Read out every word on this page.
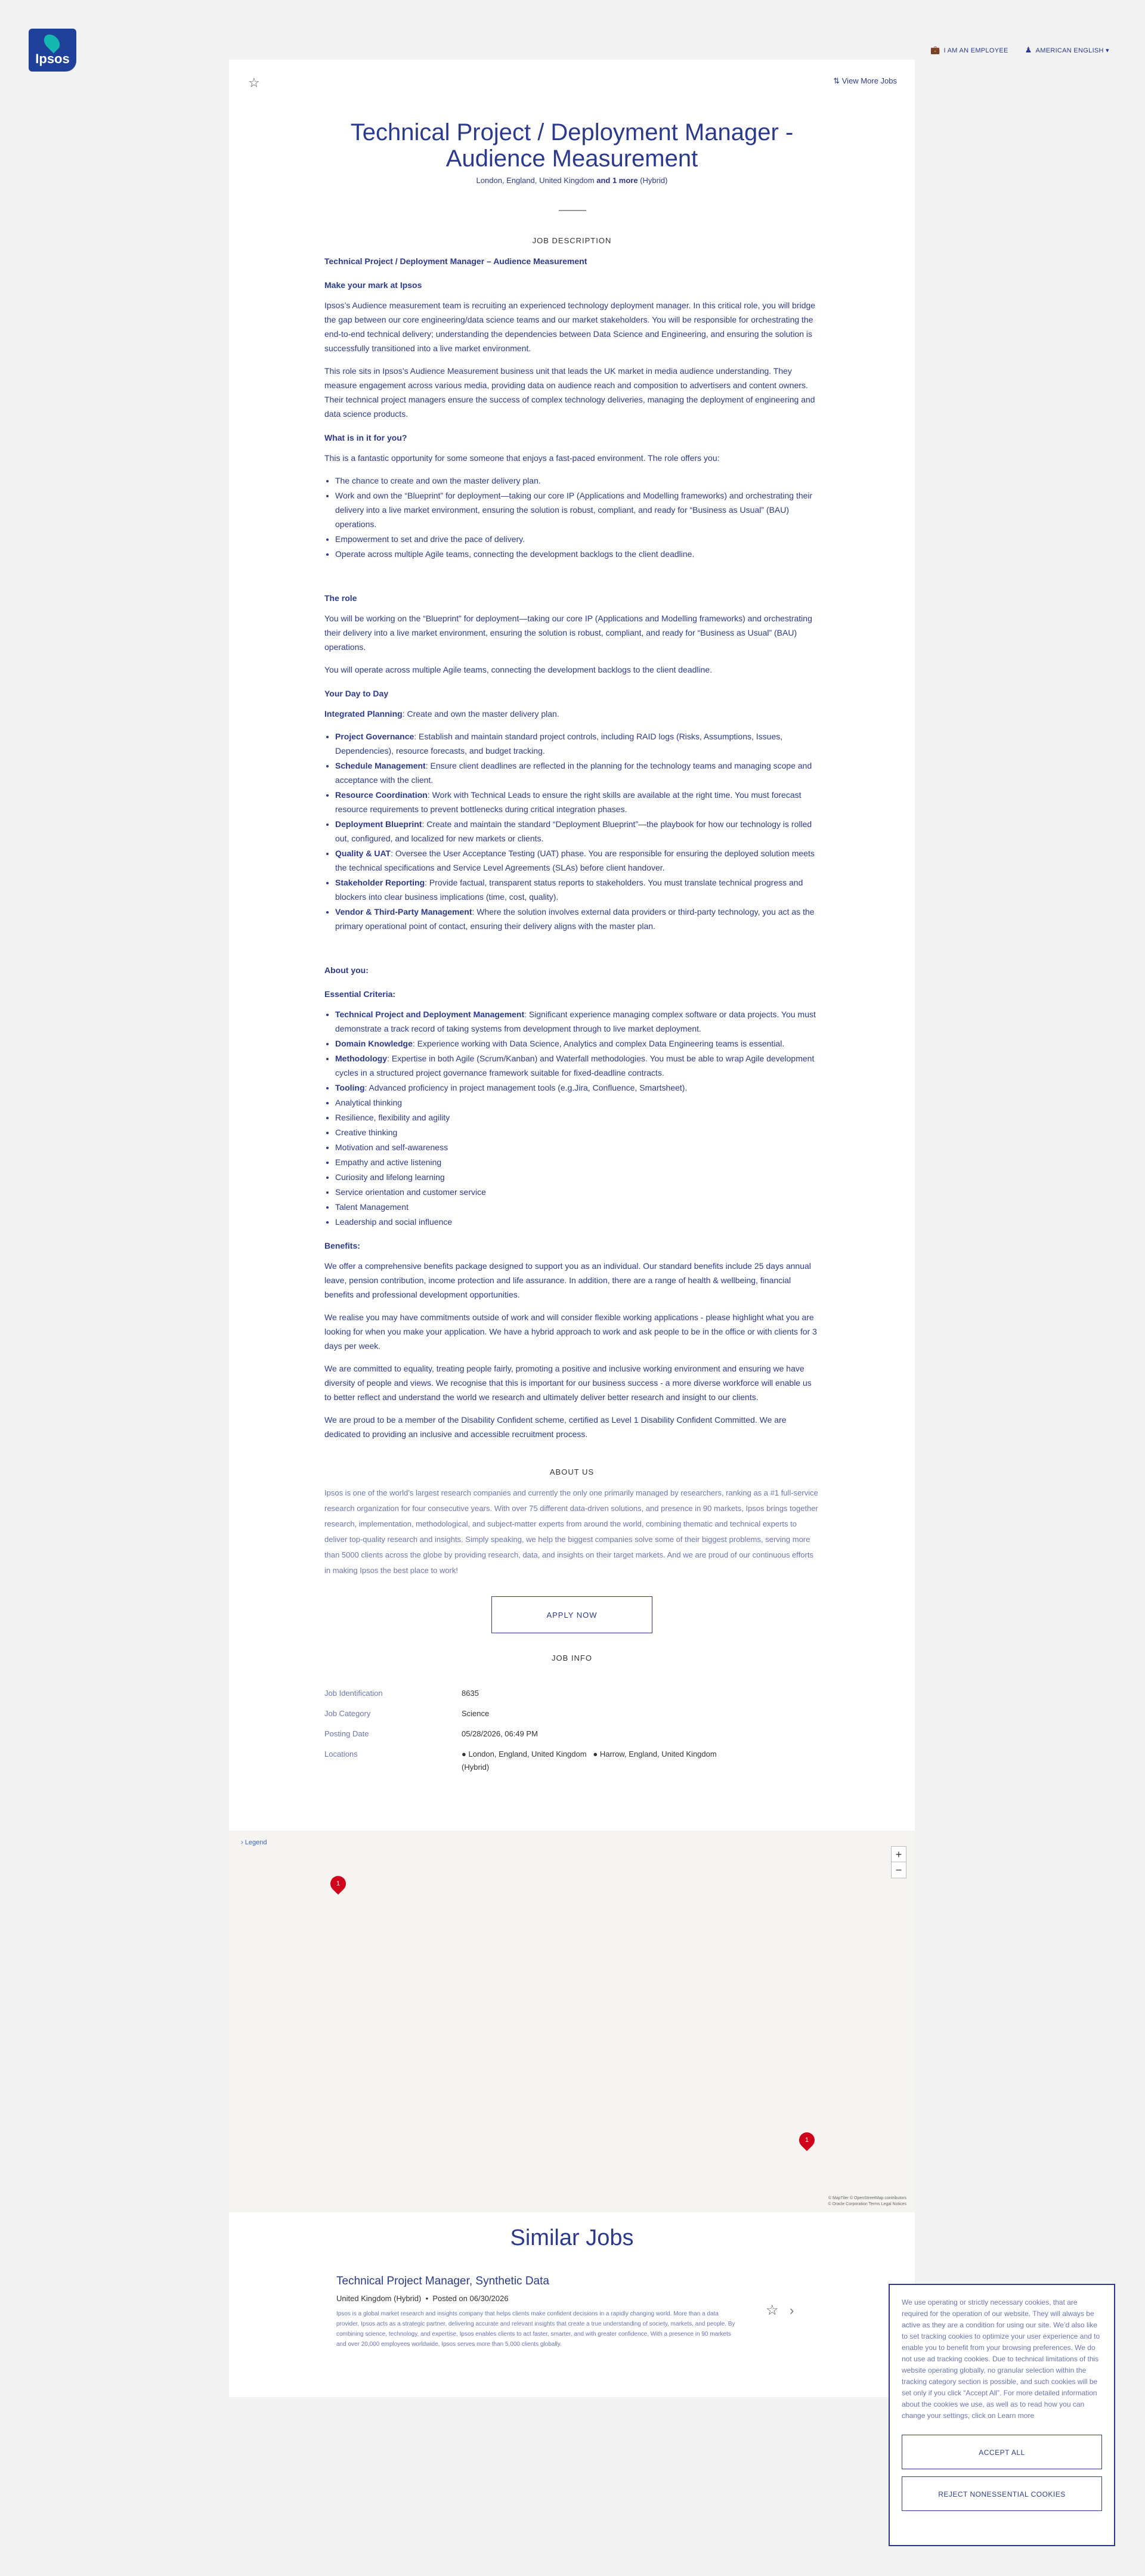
Ipsos
💼 I AM AN EMPLOYEE ♟ AMERICAN ENGLISH ▾
☆	⇅ View More Jobs
Technical Project / Deployment Manager - Audience Measurement
London, England, United Kingdom and 1 more (Hybrid)
JOB DESCRIPTION
Technical Project / Deployment Manager – Audience Measurement
Make your mark at Ipsos

Ipsos’s Audience measurement team is recruiting an experienced technology deployment manager. In this critical role, you will bridge the gap between our core engineering/data science teams and our market stakeholders. You will be responsible for orchestrating the end-to-end technical delivery; understanding the dependencies between Data Science and Engineering, and ensuring the solution is successfully transitioned into a live market environment.

This role sits in Ipsos’s Audience Measurement business unit that leads the UK market in media audience understanding. They measure engagement across various media, providing data on audience reach and composition to advertisers and content owners. Their technical project managers ensure the success of complex technology deliveries, managing the deployment of engineering and data science products.

What is in it for you?

This is a fantastic opportunity for some someone that enjoys a fast-paced environment. The role offers you:

• The chance to create and own the master delivery plan.
• Work and own the “Blueprint” for deployment—taking our core IP (Applications and Modelling frameworks) and orchestrating their delivery into a live market environment, ensuring the solution is robust, compliant, and ready for “Business as Usual” (BAU) operations.
• Empowerment to set and drive the pace of delivery.
• Operate across multiple Agile teams, connecting the development backlogs to the client deadline.
The role

You will be working on the “Blueprint” for deployment—taking our core IP (Applications and Modelling frameworks) and orchestrating their delivery into a live market environment, ensuring the solution is robust, compliant, and ready for “Business as Usual” (BAU) operations.

You will operate across multiple Agile teams, connecting the development backlogs to the client deadline.

Your Day to Day

Integrated Planning: Create and own the master delivery plan.

• Project Governance: Establish and maintain standard project controls, including RAID logs (Risks, Assumptions, Issues, Dependencies), resource forecasts, and budget tracking.
• Schedule Management: Ensure client deadlines are reflected in the planning for the technology teams and managing scope and acceptance with the client.
• Resource Coordination: Work with Technical Leads to ensure the right skills are available at the right time. You must forecast resource requirements to prevent bottlenecks during critical integration phases.
• Deployment Blueprint: Create and maintain the standard “Deployment Blueprint”—the playbook for how our technology is rolled out, configured, and localized for new markets or clients.
• Quality & UAT: Oversee the User Acceptance Testing (UAT) phase. You are responsible for ensuring the deployed solution meets the technical specifications and Service Level Agreements (SLAs) before client handover.
• Stakeholder Reporting: Provide factual, transparent status reports to stakeholders. You must translate technical progress and blockers into clear business implications (time, cost, quality).
• Vendor & Third-Party Management: Where the solution involves external data providers or third-party technology, you act as the primary operational point of contact, ensuring their delivery aligns with the master plan.
About you:
Essential Criteria:
• Technical Project and Deployment Management: Significant experience managing complex software or data projects. You must demonstrate a track record of taking systems from development through to live market deployment.
• Domain Knowledge: Experience working with Data Science, Analytics and complex Data Engineering teams is essential.
• Methodology: Expertise in both Agile (Scrum/Kanban) and Waterfall methodologies. You must be able to wrap Agile development cycles in a structured project governance framework suitable for fixed-deadline contracts.
• Tooling: Advanced proficiency in project management tools (e.g.Jira, Confluence, Smartsheet).
• Analytical thinking
• Resilience, flexibility and agility
• Creative thinking
• Motivation and self-awareness
• Empathy and active listening
• Curiosity and lifelong learning
• Service orientation and customer service
• Talent Management
• Leadership and social influence
Benefits:

We offer a comprehensive benefits package designed to support you as an individual. Our standard benefits include 25 days annual leave, pension contribution, income protection and life assurance. In addition, there are a range of health & wellbeing, financial benefits and professional development opportunities.

We realise you may have commitments outside of work and will consider flexible working applications - please highlight what you are looking for when you make your application. We have a hybrid approach to work and ask people to be in the office or with clients for 3 days per week.

We are committed to equality, treating people fairly, promoting a positive and inclusive working environment and ensuring we have diversity of people and views. We recognise that this is important for our business success - a more diverse workforce will enable us to better reflect and understand the world we research and ultimately deliver better research and insight to our clients.

We are proud to be a member of the Disability Confident scheme, certified as Level 1 Disability Confident Committed. We are dedicated to providing an inclusive and accessible recruitment process.

ABOUT US
Ipsos is one of the world’s largest research companies and currently the only one primarily managed by researchers, ranking as a #1 full-service research organization for four consecutive years. With over 75 different data-driven solutions, and presence in 90 markets, Ipsos brings together research, implementation, methodological, and subject-matter experts from around the world, combining thematic and technical experts to deliver top-quality research and insights. Simply speaking, we help the biggest companies solve some of their biggest problems, serving more than 5000 clients across the globe by providing research, data, and insights on their target markets. And we are proud of our continuous efforts in making Ipsos the best place to work!
APPLY NOW
JOB INFO
Job Identification	8635
Job Category	Science
Posting Date	05/28/2026, 06:49 PM
Locations	● London, England, United Kingdom ● Harrow, England, United Kingdom
(Hybrid)
› Legend
+
−
1
1
© MapTiler © OpenStreetMap contributors
© Oracle Corporation Terms Legal Notices
Similar Jobs
Technical Project Manager, Synthetic Data
United Kingdom (Hybrid)  •  Posted on 06/30/2026
Ipsos is a global market research and insights company that helps clients make confident decisions in a rapidly changing world. More than a data provider, Ipsos acts as a strategic partner, delivering accurate and relevant insights that create a true understanding of society, markets, and people. By combining science, technology, and expertise, Ipsos enables clients to act faster, smarter, and with greater confidence. With a presence in 90 markets and over 20,000 employees worldwide, Ipsos serves more than 5,000 clients globally.
☆ ›
We use operating or strictly necessary cookies, that are required for the operation of our website. They will always be active as they are a condition for using our site. We’d also like to set tracking cookies to optimize your user experience and to enable you to benefit from your browsing preferences. We do not use ad tracking cookies. Due to technical limitations of this website operating globally, no granular selection within the tracking category section is possible, and such cookies will be set only if you click “Accept All”. For more detailed information about the cookies we use, as well as to read how you can change your settings, click on Learn more
ACCEPT ALL
REJECT NONESSENTIAL COOKIES
